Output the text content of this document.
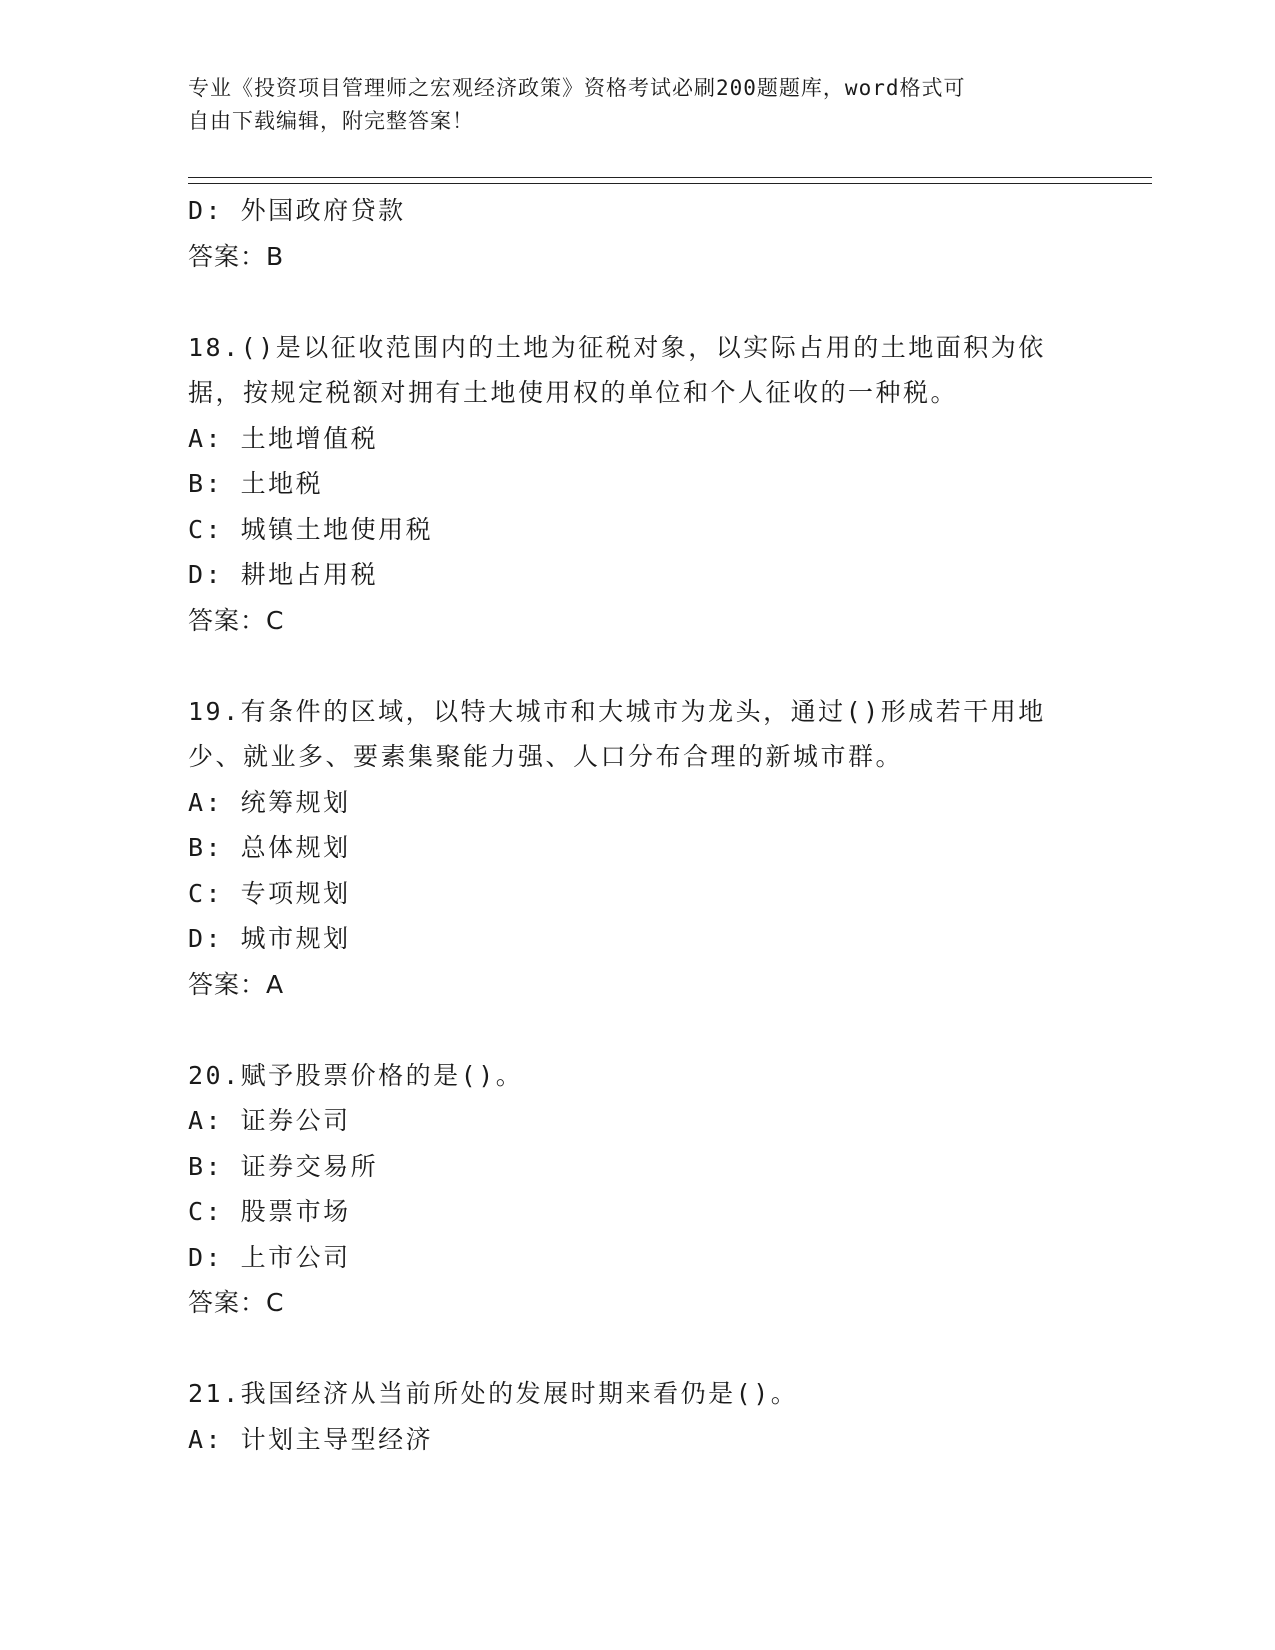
专业《投资项目管理师之宏观经济政策》资格考试必刷200题题库，word格式可
自由下载编辑，附完整答案！
D: 外国政府贷款
答案：B
18.()是以征收范围内的土地为征税对象，以实际占用的土地面积为依
据，按规定税额对拥有土地使用权的单位和个人征收的一种税。
A: 土地增值税
B: 土地税
C: 城镇土地使用税
D: 耕地占用税
答案：C
19.有条件的区域，以特大城市和大城市为龙头，通过()形成若干用地
少、就业多、要素集聚能力强、人口分布合理的新城市群。
A: 统筹规划
B: 总体规划
C: 专项规划
D: 城市规划
答案：A
20.赋予股票价格的是()。
A: 证券公司
B: 证券交易所
C: 股票市场
D: 上市公司
答案：C
21.我国经济从当前所处的发展时期来看仍是()。
A: 计划主导型经济
